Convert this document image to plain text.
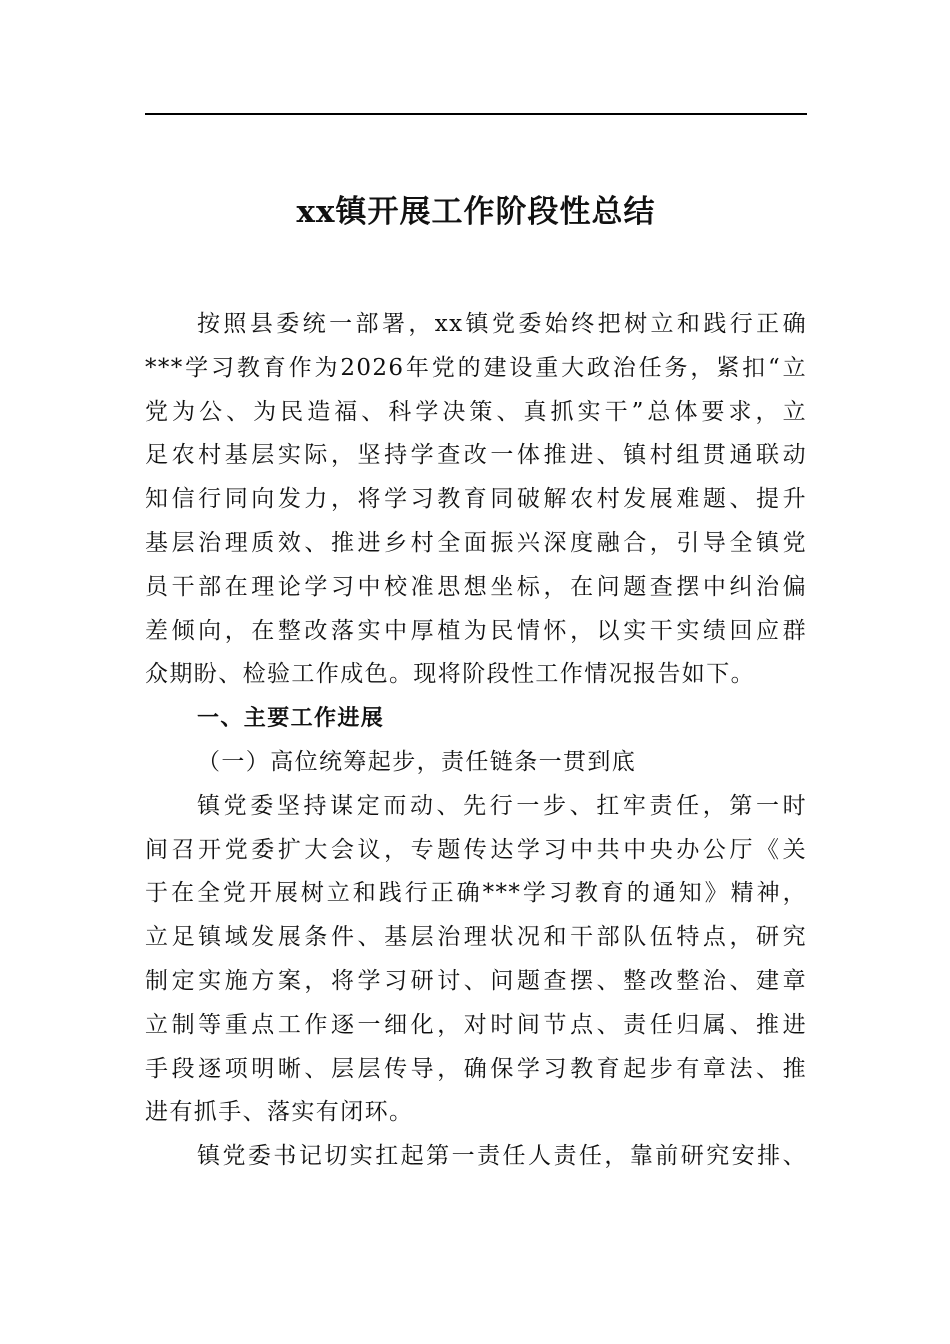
xx镇开展工作阶段性总结
按照县委统一部署，xx镇党委始终把树立和践行正确
***学习教育作为2026年党的建设重大政治任务，紧扣“立
党为公、为民造福、科学决策、真抓实干”总体要求，立
足农村基层实际，坚持学查改一体推进、镇村组贯通联动
知信行同向发力，将学习教育同破解农村发展难题、提升
基层治理质效、推进乡村全面振兴深度融合，引导全镇党
员干部在理论学习中校准思想坐标，在问题查摆中纠治偏
差倾向，在整改落实中厚植为民情怀，以实干实绩回应群
众期盼、检验工作成色。现将阶段性工作情况报告如下。
一、主要工作进展
（一）高位统筹起步，责任链条一贯到底
镇党委坚持谋定而动、先行一步、扛牢责任，第一时
间召开党委扩大会议，专题传达学习中共中央办公厅《关
于在全党开展树立和践行正确***学习教育的通知》精神，
立足镇域发展条件、基层治理状况和干部队伍特点，研究
制定实施方案，将学习研讨、问题查摆、整改整治、建章
立制等重点工作逐一细化，对时间节点、责任归属、推进
手段逐项明晰、层层传导，确保学习教育起步有章法、推
进有抓手、落实有闭环。
镇党委书记切实扛起第一责任人责任，靠前研究安排、
